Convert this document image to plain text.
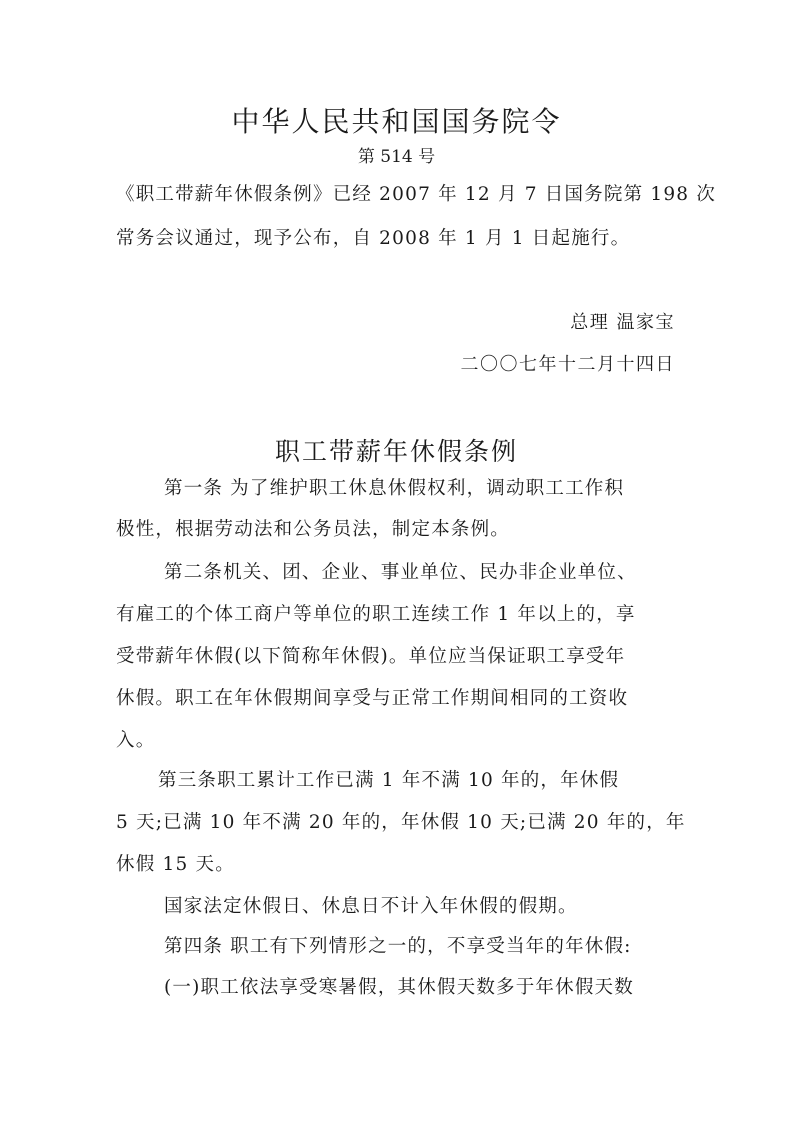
中华人民共和国国务院令
第 514 号
《职工带薪年休假条例》已经 2007 年 12 月 7 日国务院第 198 次
常务会议通过，现予公布，自 2008 年 1 月 1 日起施行。
总理 温家宝
二〇〇七年十二月十四日
职工带薪年休假条例
第一条 为了维护职工休息休假权利，调动职工工作积
极性，根据劳动法和公务员法，制定本条例。
第二条机关、团、企业、事业单位、民办非企业单位、
有雇工的个体工商户等单位的职工连续工作 1 年以上的，享
受带薪年休假(以下简称年休假)。单位应当保证职工享受年
休假。职工在年休假期间享受与正常工作期间相同的工资收
入。
第三条职工累计工作已满 1 年不满 10 年的，年休假
5 天;已满 10 年不满 20 年的，年休假 10 天;已满 20 年的，年
休假 15 天。
国家法定休假日、休息日不计入年休假的假期。
第四条 职工有下列情形之一的，不享受当年的年休假:
(一)职工依法享受寒暑假，其休假天数多于年休假天数
